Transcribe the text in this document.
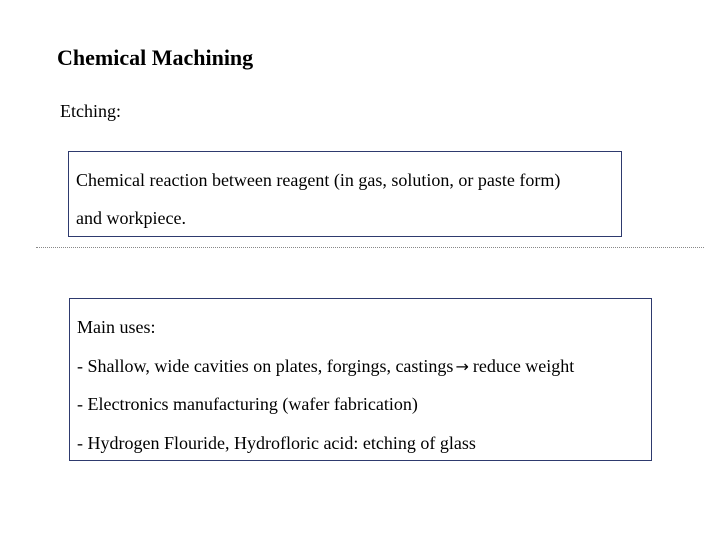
Chemical Machining
Etching:
Chemical reaction between reagent (in gas, solution, or paste form)
and workpiece.
Main uses:
- Shallow, wide cavities on plates, forgings, castings → reduce weight
- Electronics manufacturing (wafer fabrication)
- Hydrogen Flouride, Hydrofloric acid: etching of glass
